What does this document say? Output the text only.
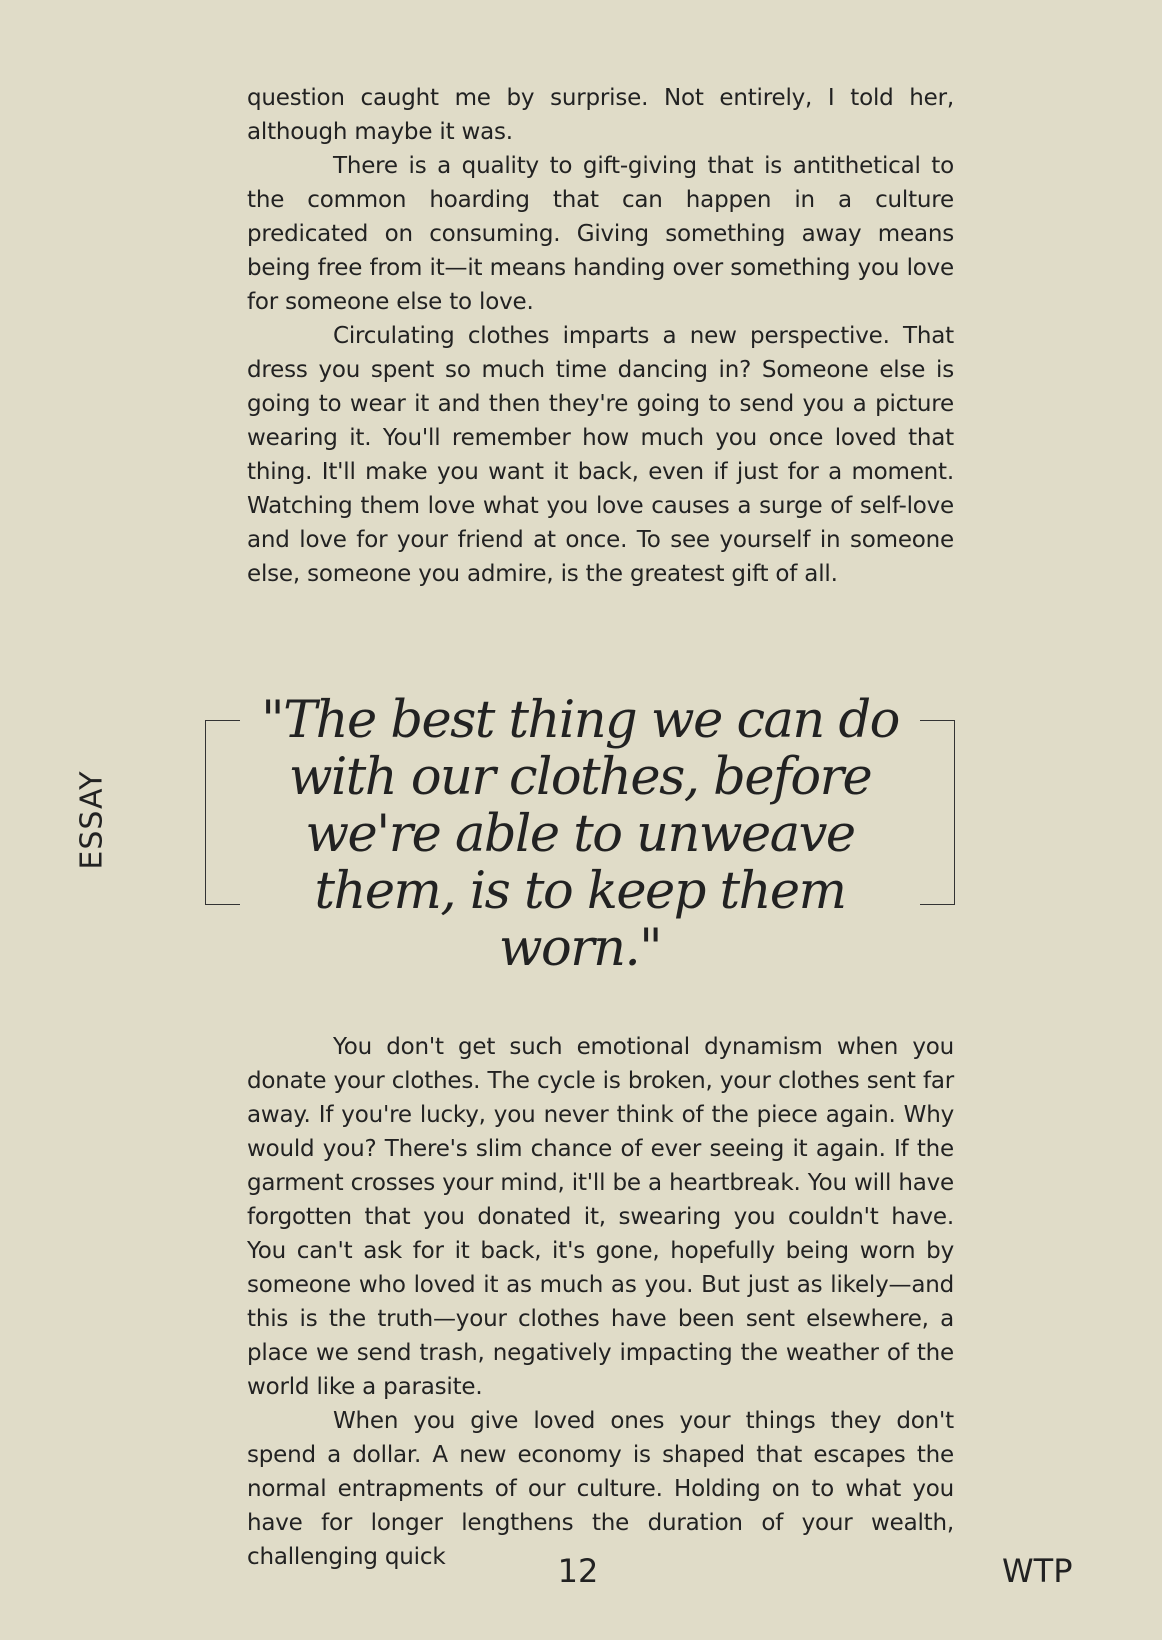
ESSAY

question caught me by surprise. Not entirely, I told her, although maybe it was.

There is a quality to gift-giving that is antithetical to the common hoarding that can happen in a culture predicated on consuming. Giving something away means being free from it—it means handing over something you love for someone else to love.

Circulating clothes imparts a new perspective. That dress you spent so much time dancing in? Someone else is going to wear it and then they're going to send you a picture wearing it. You'll remember how much you once loved that thing. It'll make you want it back, even if just for a moment. Watching them love what you love causes a surge of self-love and love for your friend at once. To see yourself in someone else, someone you admire, is the greatest gift of all.

"The best thing we can do with our clothes, before we're able to unweave them, is to keep them worn."

You don't get such emotional dynamism when you donate your clothes. The cycle is broken, your clothes sent far away. If you're lucky, you never think of the piece again. Why would you? There's slim chance of ever seeing it again. If the garment crosses your mind, it'll be a heartbreak. You will have forgotten that you donated it, swearing you couldn't have. You can't ask for it back, it's gone, hopefully being worn by someone who loved it as much as you. But just as likely—and this is the truth—your clothes have been sent elsewhere, a place we send trash, negatively impacting the weather of the world like a parasite.

When you give loved ones your things they don't spend a dollar. A new economy is shaped that escapes the normal entrapments of our culture. Holding on to what you have for longer lengthens the duration of your wealth, challenging quick	12	WTP
